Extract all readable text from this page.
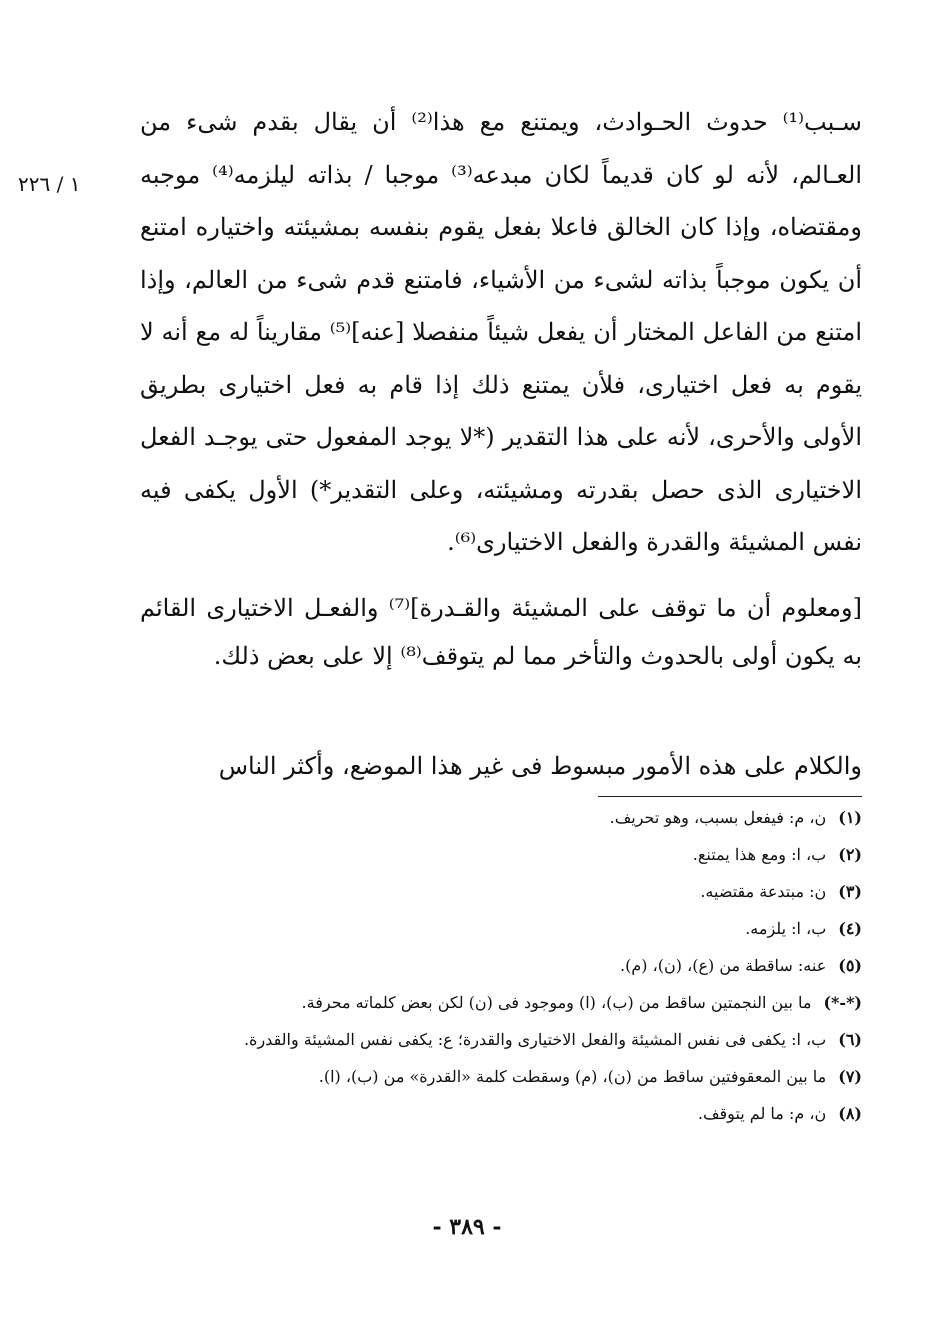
١ / ٢٢٦

سـبب⁽¹⁾ حدوث الحـوادث، ويمتنع مع هذا⁽²⁾ أن يقال بقدم شىء من العـالم، لأنه لو كان قديماً لكان مبدعه⁽³⁾ موجبا / بذاته ليلزمه⁽⁴⁾ موجبه ومقتضاه، وإذا كان الخالق فاعلا بفعل يقوم بنفسه بمشيئته واختياره امتنع أن يكون موجباً بذاته لشىء من الأشياء، فامتنع قدم شىء من العالم، وإذا امتنع من الفاعل المختار أن يفعل شيئاً منفصلا [عنه]⁽⁵⁾ مقاريناً له مع أنه لا يقوم به فعل اختيارى، فلأن يمتنع ذلك إذا قام به فعل اختيارى بطريق الأولى والأحرى، لأنه على هذا التقدير (*لا يوجد المفعول حتى يوجـد الفعل الاختيارى الذى حصل بقدرته ومشيئته، وعلى التقدير*) الأول يكفى فيه نفس المشيئة والقدرة والفعل الاختيارى⁽⁶⁾.

[ومعلوم أن ما توقف على المشيئة والقـدرة]⁽⁷⁾ والفعـل الاختيارى القائم به يكون أولى بالحدوث والتأخر مما لم يتوقف⁽⁸⁾ إلا على بعض ذلك.

والكلام على هذه الأمور مبسوط فى غير هذا الموضع، وأكثر الناس

(١)ن، م: فيفعل بسبب، وهو تحريف.
(٢)ب، ا: ومع هذا يمتنع.
(٣)ن: مبتدعة مقتضيه.
(٤)ب، ا: يلزمه.
(٥)عنه: ساقطة من (ع)، (ن)، (م).
(*-*)ما بين النجمتين ساقط من (ب)، (ا) وموجود فى (ن) لكن بعض كلماته محرفة.
(٦)ب، ا: يكفى فى نفس المشيئة والفعل الاختيارى والقدرة؛ ع: يكفى نفس المشيئة والقدرة.
(٧)ما بين المعقوفتين ساقط من (ن)، (م) وسقطت كلمة «القدرة» من (ب)، (ا).
(٨)ن، م: ما لم يتوقف.
- ٣٨٩ -
